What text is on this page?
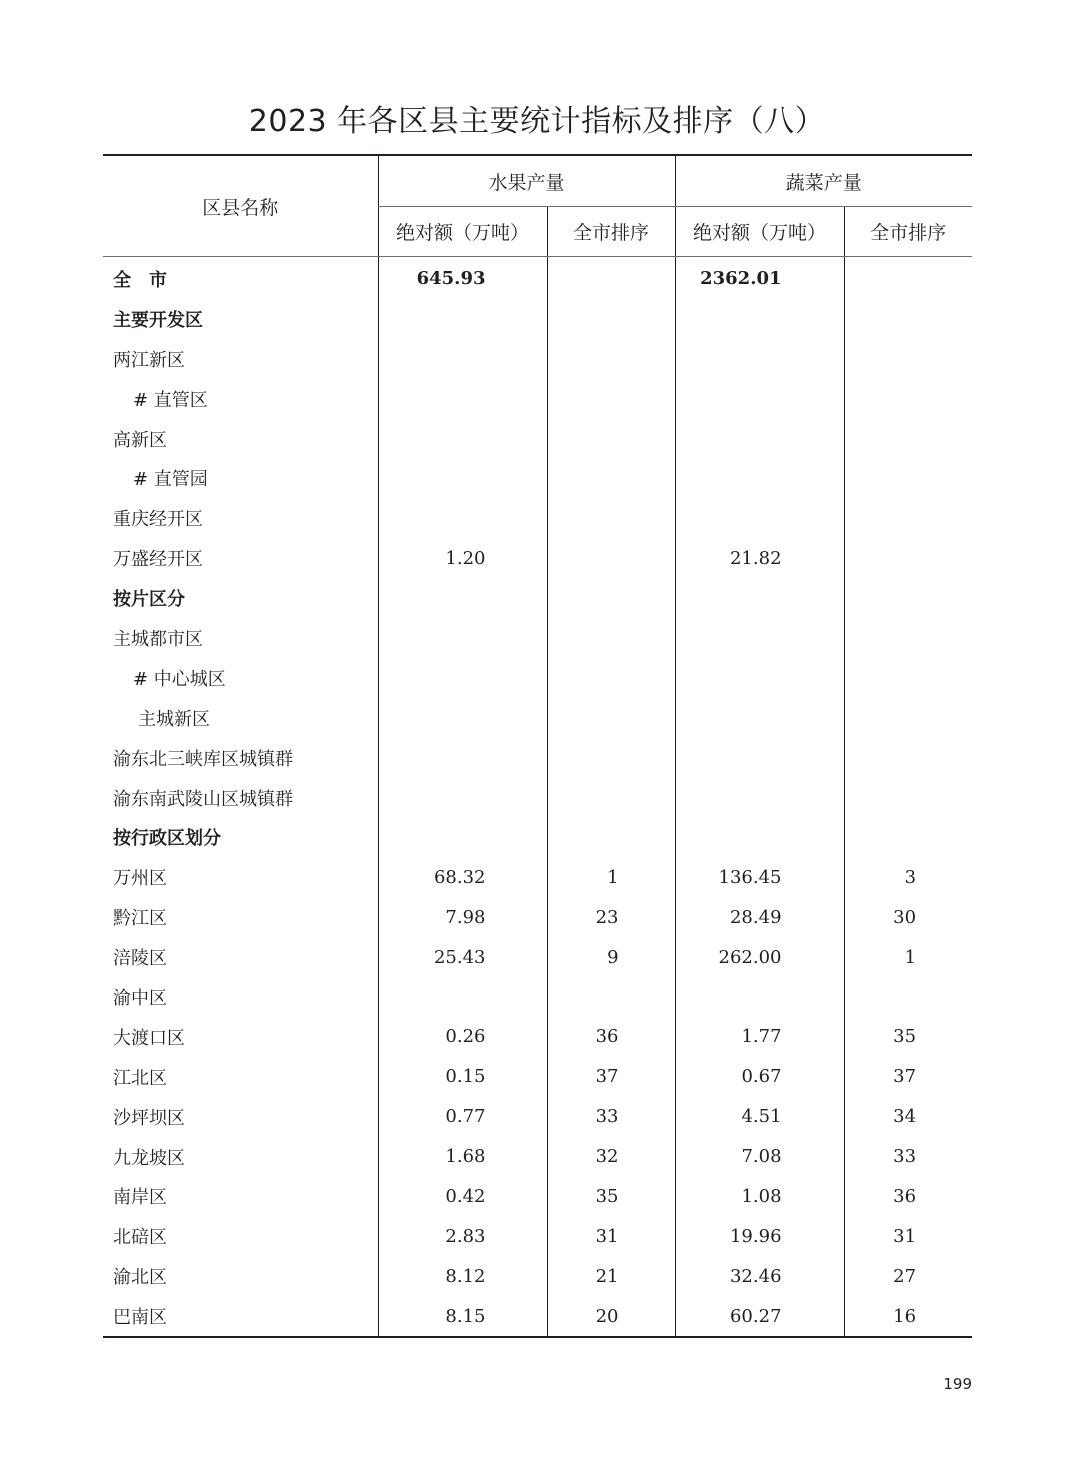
2023 年各区县主要统计指标及排序（八）
区县名称	水果产量		蔬菜产量	
	绝对额（万吨）	全市排序	绝对额（万吨）	全市排序
全　市	645.93		2362.01	
主要开发区				
两江新区				
# 直管区				
高新区				
# 直管园				
重庆经开区				
万盛经开区	1.20		21.82	
按片区分				
主城都市区				
# 中心城区				
主城新区				
渝东北三峡库区城镇群				
渝东南武陵山区城镇群				
按行政区划分				
万州区	68.32	1	136.45	3
黔江区	7.98	23	28.49	30
涪陵区	25.43	9	262.00	1
渝中区				
大渡口区	0.26	36	1.77	35
江北区	0.15	37	0.67	37
沙坪坝区	0.77	33	4.51	34
九龙坡区	1.68	32	7.08	33
南岸区	0.42	35	1.08	36
北碚区	2.83	31	19.96	31
渝北区	8.12	21	32.46	27
巴南区	8.15	20	60.27	16
199
